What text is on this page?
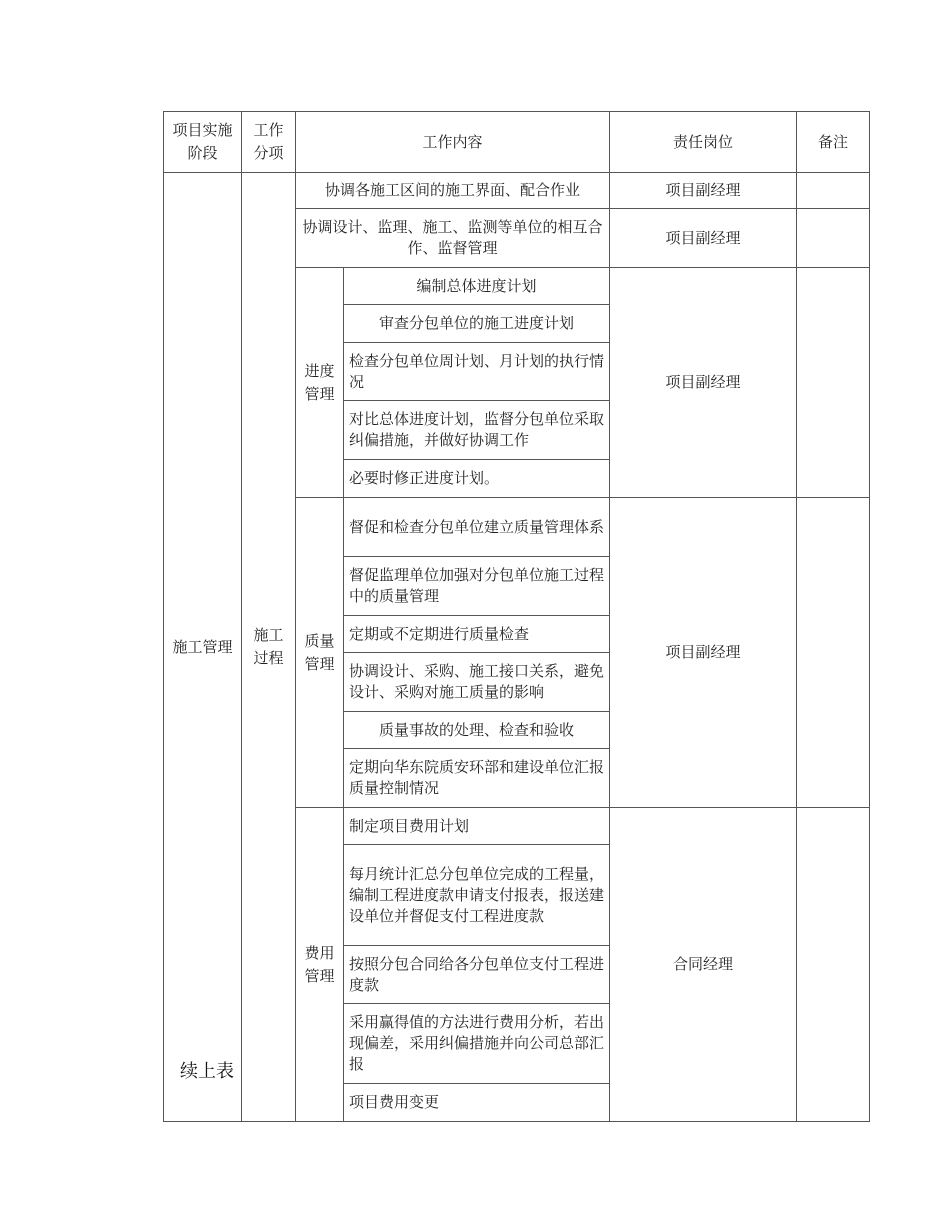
项目实施阶段	工作分项	工作内容		责任岗位	备注
施工管理	施工过程	协调各施工区间的施工界面、配合作业		项目副经理	
		协调设计、监理、施工、监测等单位的相互合作、监督管理		项目副经理	
		进度管理	编制总体进度计划	项目副经理	
			审查分包单位的施工进度计划		
			检查分包单位周计划、月计划的执行情况		
			对比总体进度计划，监督分包单位采取纠偏措施，并做好协调工作		
			必要时修正进度计划。		
		质量管理	督促和检查分包单位建立质量管理体系	项目副经理	
			督促监理单位加强对分包单位施工过程中的质量管理		
			定期或不定期进行质量检查		
			协调设计、采购、施工接口关系，避免设计、采购对施工质量的影响		
			质量事故的处理、检查和验收		
			定期向华东院质安环部和建设单位汇报质量控制情况		
		费用管理	制定项目费用计划	合同经理	
			每月统计汇总分包单位完成的工程量，编制工程进度款申请支付报表，报送建设单位并督促支付工程进度款		
			按照分包合同给各分包单位支付工程进度款		
			采用赢得值的方法进行费用分析，若出现偏差，采用纠偏措施并向公司总部汇报		
			项目费用变更		
续上表
